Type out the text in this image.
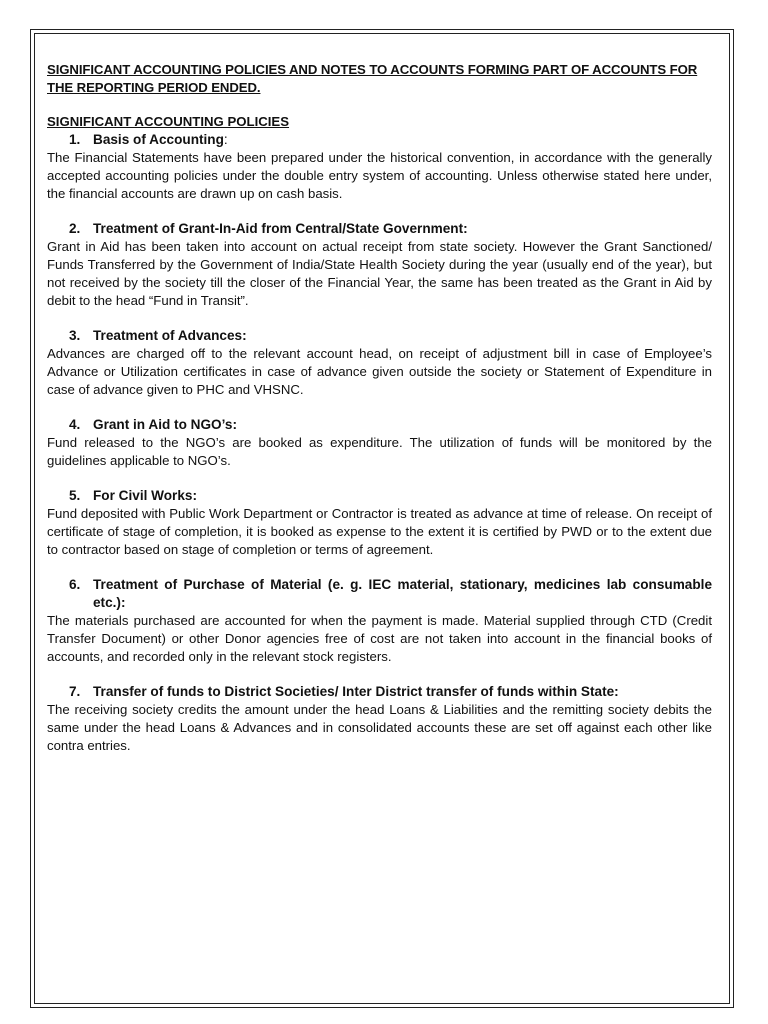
SIGNIFICANT ACCOUNTING POLICIES AND NOTES TO ACCOUNTS FORMING PART OF ACCOUNTS FOR THE REPORTING PERIOD ENDED.

SIGNIFICANT ACCOUNTING POLICIES

1. Basis of Accounting:

The Financial Statements have been prepared under the historical convention, in accordance with the generally accepted accounting policies under the double entry system of accounting. Unless otherwise stated here under, the financial accounts are drawn up on cash basis.

2. Treatment of Grant-In-Aid from Central/State Government:

Grant in Aid has been taken into account on actual receipt from state society. However the Grant Sanctioned/ Funds Transferred by the Government of India/State Health Society during the year (usually end of the year), but not received by the society till the closer of the Financial Year, the same has been treated as the Grant in Aid by debit to the head “Fund in Transit”.

3. Treatment of Advances:

Advances are charged off to the relevant account head, on receipt of adjustment bill in case of Employee’s Advance or Utilization certificates in case of advance given outside the society or Statement of Expenditure in case of advance given to PHC and VHSNC.

4. Grant in Aid to NGO’s:

Fund released to the NGO’s are booked as expenditure. The utilization of funds will be monitored by the guidelines applicable to NGO’s.

5. For Civil Works:

Fund deposited with Public Work Department or Contractor is treated as advance at time of release. On receipt of certificate of stage of completion, it is booked as expense to the extent it is certified by PWD or to the extent due to contractor based on stage of completion or terms of agreement.

6. Treatment of Purchase of Material (e. g. IEC material, stationary, medicines lab consumable etc.):

The materials purchased are accounted for when the payment is made. Material supplied through CTD (Credit Transfer Document) or other Donor agencies free of cost are not taken into account in the financial books of accounts, and recorded only in the relevant stock registers.

7. Transfer of funds to District Societies/ Inter District transfer of funds within State:

The receiving society credits the amount under the head Loans & Liabilities and the remitting society debits the same under the head Loans & Advances and in consolidated accounts these are set off against each other like contra entries.
